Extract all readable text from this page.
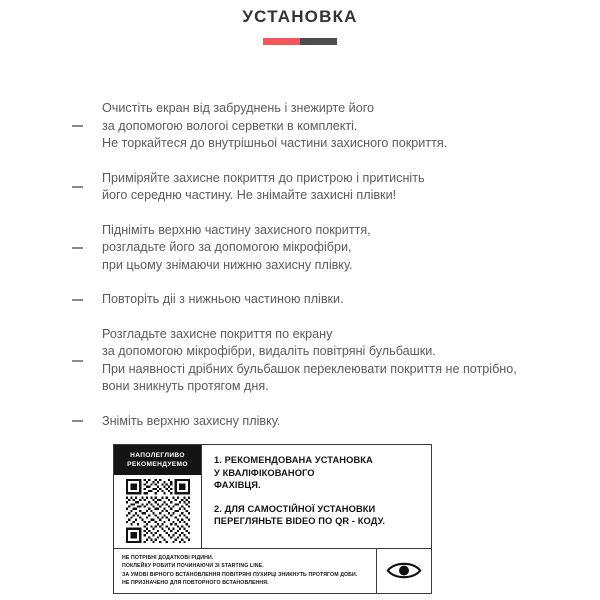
УСТАНОВКА
Очистіть екран від забруднень і знежирте його
за допомогою вологоі серветки в комплекті.
Не торкайтеся до внутрішньоі частини захисного покриття.
Приміряйте захисне покриття до пристрою і притисніть
його середню частину. Не знімайте захисні плівки!
Підніміть верхню частину захисного покриття,
розгладьте його за допомогою мікрофібри,
при цьому знімаючи нижню захисну плівку.
Повторіть діі з нижньою частиною плівки.
Розгладьте захисне покриття по екрану
за допомогою мікрофібри, видаліть повітряні бульбашки.
При наявності дрібних бульбашок переклеювати покриття не потрібно,
вони зникнуть протягом дня.
Зніміть верхню захисну плівку.
НАПОЛЕГЛИВО
РЕКОМЕНДУЕМО	1. РЕКОМЕНДОВАНА УСТАНОВКА
У КВАЛІФІКОВАНОГО
ФАХІВЦЯ.
2. ДЛЯ САМОСТІЙНОЇ УСТАНОВКИ
ПЕРЕГЛЯНЬТЕ ВІDЕО ПО QR - КОДУ.
НЕ ПОТРІБНІ ДОДАТКОВІ РІДИНИ.
ПОКЛЕЙКУ РОБИТИ ПОЧИНАЮЧИ ЗІ STARTING LINE.
ЗА УМОВІ ВІРНОГО ВСТАНОВЛЕННЯ ПОВІТРЯНІ ПУХИРЦІ ЗНИКНУТЬ ПРОТЯГОМ ДОБИ.
НЕ ПРИЗНАЧЕНО ДЛЯ ПОВТОРНОГО ВСТАНОВЛЕННЯ.
